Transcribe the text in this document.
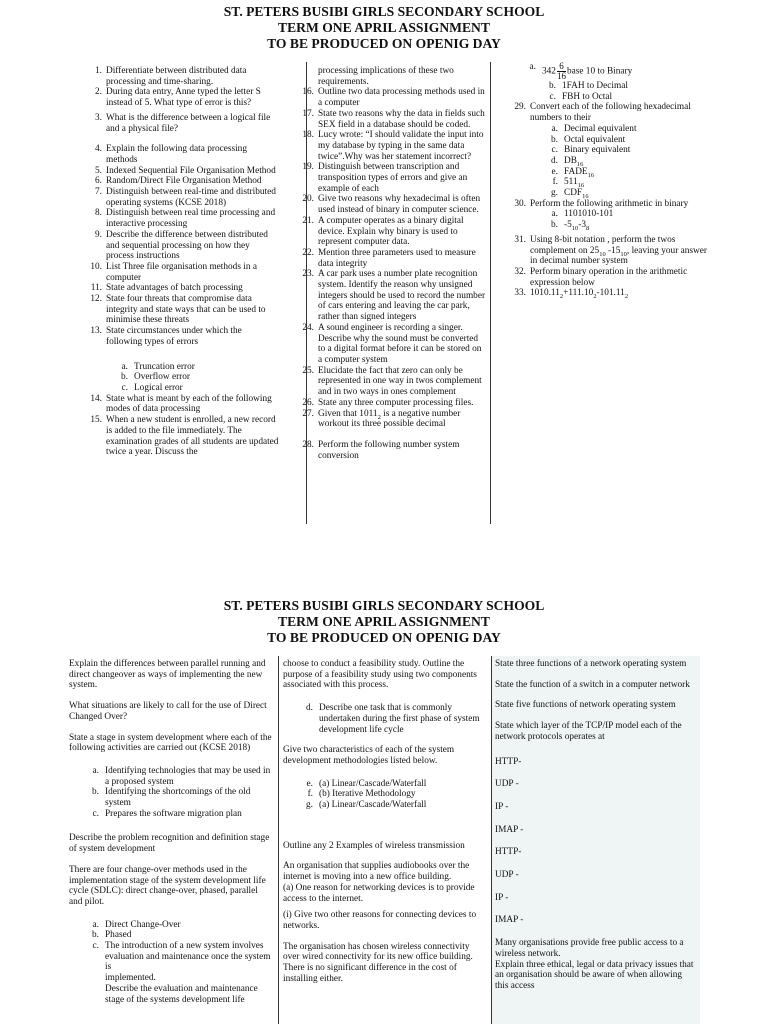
ST. PETERS BUSIBI GIRLS SECONDARY SCHOOL
TERM ONE APRIL ASSIGNMENT
TO BE PRODUCED ON OPENIG DAY
1. Differentiate between distributed data processing and time-sharing.
2. During data entry, Anne typed the letter S instead of 5. What type of error is this?
3. What is the difference between a logical file and a physical file?
4. Explain the following data processing methods
5. Indexed Sequential File Organisation Method
6. Random/Direct File Organisation Method
7. Distinguish between real-time and distributed operating systems (KCSE 2018)
8. Distinguish between real time processing and interactive processing
9. Describe the difference between distributed and sequential processing on how they process instructions
10. List Three file organisation methods in a computer
11. State advantages of batch processing
12. State four threats that compromise data integrity and state ways that can be used to minimise these threats
13. State circumstances under which the following types of errors
a. Truncation error
b. Overflow error
c. Logical error
14. State what is meant by each of the following modes of data processing
15. When a new student is enrolled, a new record is added to the file immediately. The examination grades of all students are updated twice a year. Discuss the
processing implications of these two requirements.
16. Outline two data processing methods used in a computer
17. State two reasons why the data in fields such SEX field in a database should be coded.
18. Lucy wrote: “I should validate the input into my database by typing in the same data twice”.Why was her statement incorrect?
19. Distinguish between transcription and transposition types of errors and give an example of each
20. Give two reasons why hexadecimal is often used instead of binary in computer science.
21. A computer operates as a binary digital device. Explain why binary is used to represent computer data.
22. Mention three parameters used to measure data integrity
23. A car park uses a number plate recognition system. Identify the reason why unsigned integers should be used to record the number of cars entering and leaving the car park, rather than signed integers
24. A sound engineer is recording a singer. Describe why the sound must be converted to a digital format before it can be stored on a computer system
25. Elucidate the fact that zero can only be represented in one way in twos complement and in two ways in ones complement
26. State any three computer processing files.
27. Given that $1011_2$ is a negative number workout its three possible decimal
28. Perform the following number system conversion
a. $342 \frac{6}{16}$ base 10 to Binary
b. 1FAH to Decimal
c. FBH to Octal
29. Convert each of the following hexadecimal numbers to their
a. Decimal equivalent
b. Octal equivalent
c. Binary equivalent
d. $DB_{16}$
e. $FADE_{16}$
f. $511_{16}$
g. $CDF_{16}$
30. Perform the following arithmetic in binary
a. 1101010-101
b. $-5_{10}-3_8$
31. Using 8-bit notation , perform the twos complement on $25_{10}$ $-15_{10}$, leaving your answer in decimal number system
32. Perform binary operation in the arithmetic expression below
33. $1010.11_2+111.10_2-101.11_2$
ST. PETERS BUSIBI GIRLS SECONDARY SCHOOL
TERM ONE APRIL ASSIGNMENT
TO BE PRODUCED ON OPENIG DAY

Explain the differences between parallel running and direct changeover as ways of implementing the new system.

What situations are likely to call for the use of Direct Changed Over?

State a stage in system development where each of the following activities are carried out (KCSE 2018)

a. Identifying technologies that may be used in a proposed system
b. Identifying the shortcomings of the old system
c. Prepares the software migration plan

Describe the problem recognition and definition stage of system development

There are four change-over methods used in the implementation stage of the system development life cycle (SDLC): direct change-over, phased, parallel and pilot.

a. Direct Change-Over
b. Phased
c. The introduction of a new system involves evaluation and maintenance once the system is
implemented.
Describe the evaluation and maintenance stage of the systems development life

choose to conduct a feasibility study. Outline the purpose of a feasibility study using two components associated with this process.

d. Describe one task that is commonly undertaken during the first phase of system development life cycle

Give two characteristics of each of the system development methodologies listed below.

e. (a) Linear/Cascade/Waterfall
f. (b) Iterative Methodology
g. (a) Linear/Cascade/Waterfall

Outline any 2 Examples of wireless transmission

An organisation that supplies audiobooks over the internet is moving into a new office building.

(a) One reason for networking devices is to provide access to the internet.

(i) Give two other reasons for connecting devices to networks.

The organisation has chosen wireless connectivity over wired connectivity for its new office building. There is no significant difference in the cost of installing either.

State three functions of a network operating system

State the function of a switch in a computer network

State five functions of network operating system

State which layer of the TCP/IP model each of the network protocols operates at

HTTP-
UDP -
IP -
IMAP -
HTTP-
UDP -
IP -
IMAP -

Many organisations provide free public access to a wireless network.

Explain three ethical, legal or data privacy issues that an organisation should be aware of when allowing this access
